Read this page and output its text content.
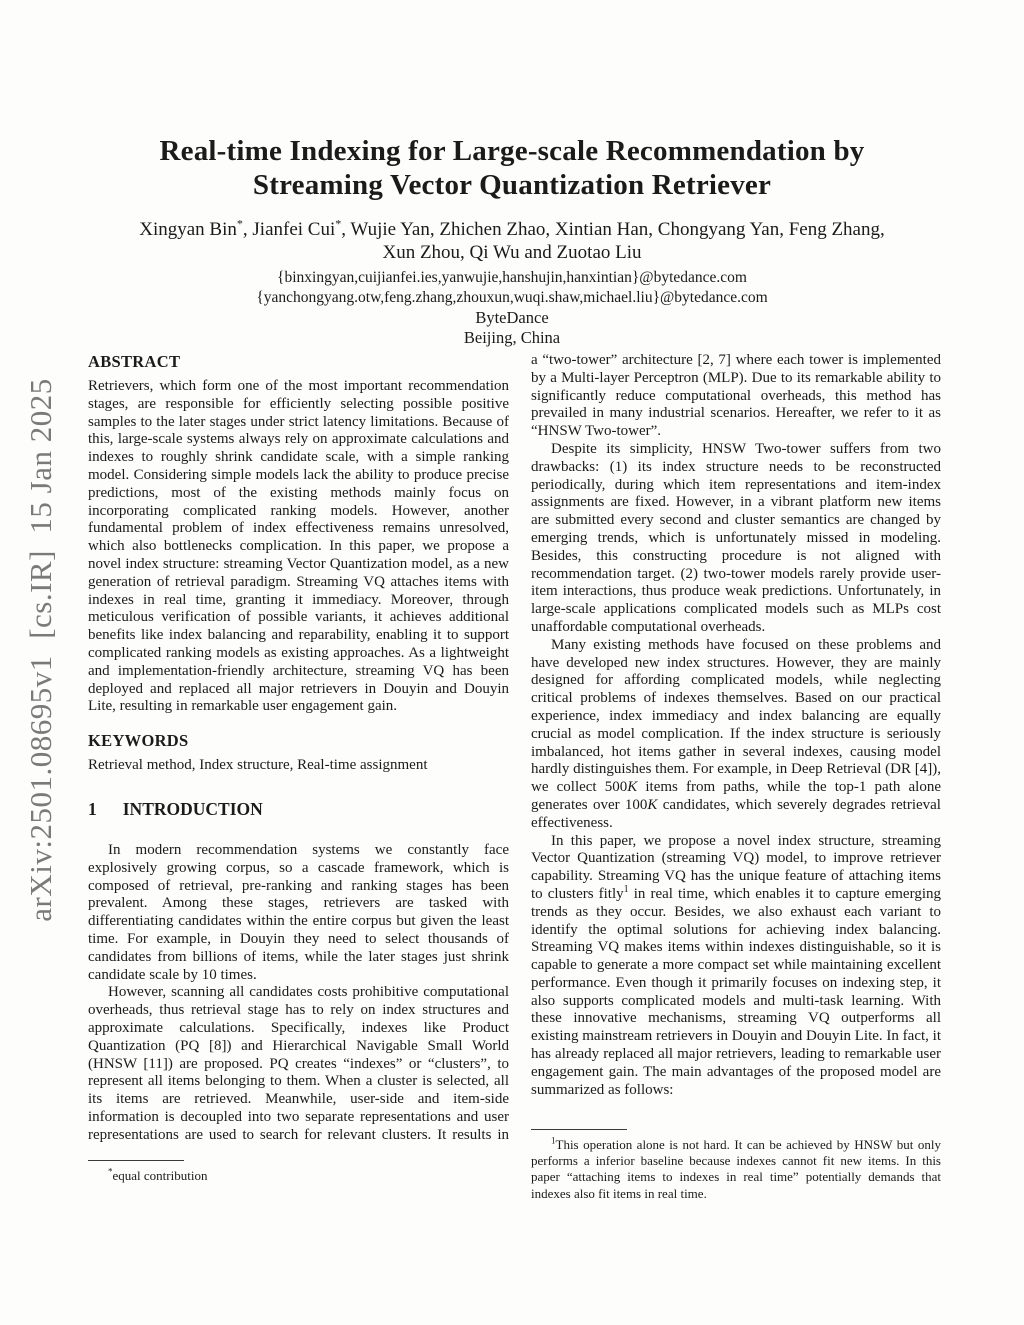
arXiv:2501.08695v1  [cs.IR]  15 Jan 2025
Real-time Indexing for Large-scale Recommendation by
Streaming Vector Quantization Retriever
Xingyan Bin*, Jianfei Cui*, Wujie Yan, Zhichen Zhao, Xintian Han, Chongyang Yan, Feng Zhang,
Xun Zhou, Qi Wu and Zuotao Liu
{binxingyan,cuijianfei.ies,yanwujie,hanshujin,hanxintian}@bytedance.com
{yanchongyang.otw,feng.zhang,zhouxun,wuqi.shaw,michael.liu}@bytedance.com
ByteDance
Beijing, China
ABSTRACT

Retrievers, which form one of the most important recommendation stages, are responsible for efficiently selecting possible positive samples to the later stages under strict latency limitations. Because of this, large-scale systems always rely on approximate calculations and indexes to roughly shrink candidate scale, with a simple ranking model. Considering simple models lack the ability to produce precise predictions, most of the existing methods mainly focus on incorporating complicated ranking models. However, another fundamental problem of index effectiveness remains unresolved, which also bottlenecks complication. In this paper, we propose a novel index structure: streaming Vector Quantization model, as a new generation of retrieval paradigm. Streaming VQ attaches items with indexes in real time, granting it immediacy. Moreover, through meticulous verification of possible variants, it achieves additional benefits like index balancing and reparability, enabling it to support complicated ranking models as existing approaches. As a lightweight and implementation-friendly architecture, streaming VQ has been deployed and replaced all major retrievers in Douyin and Douyin Lite, resulting in remarkable user engagement gain.

KEYWORDS

Retrieval method, Index structure, Real-time assignment

1 INTRODUCTION

In modern recommendation systems we constantly face explosively growing corpus, so a cascade framework, which is composed of retrieval, pre-ranking and ranking stages has been prevalent. Among these stages, retrievers are tasked with differentiating candidates within the entire corpus but given the least time. For example, in Douyin they need to select thousands of candidates from billions of items, while the later stages just shrink candidate scale by 10 times.

However, scanning all candidates costs prohibitive computational overheads, thus retrieval stage has to rely on index structures and approximate calculations. Specifically, indexes like Product Quantization (PQ [8]) and Hierarchical Navigable Small World (HNSW [11]) are proposed. PQ creates “indexes” or “clusters”, to represent all items belonging to them. When a cluster is selected, all its items are retrieved. Meanwhile, user-side and item-side information is decoupled into two separate representations and user representations are used to search for relevant clusters. It results in

a “two-tower” architecture [2, 7] where each tower is implemented by a Multi-layer Perceptron (MLP). Due to its remarkable ability to significantly reduce computational overheads, this method has prevailed in many industrial scenarios. Hereafter, we refer to it as “HNSW Two-tower”.

Despite its simplicity, HNSW Two-tower suffers from two drawbacks: (1) its index structure needs to be reconstructed periodically, during which item representations and item-index assignments are fixed. However, in a vibrant platform new items are submitted every second and cluster semantics are changed by emerging trends, which is unfortunately missed in modeling. Besides, this constructing procedure is not aligned with recommendation target. (2) two-tower models rarely provide user-item interactions, thus produce weak predictions. Unfortunately, in large-scale applications complicated models such as MLPs cost unaffordable computational overheads.

Many existing methods have focused on these problems and have developed new index structures. However, they are mainly designed for affording complicated models, while neglecting critical problems of indexes themselves. Based on our practical experience, index immediacy and index balancing are equally crucial as model complication. If the index structure is seriously imbalanced, hot items gather in several indexes, causing model hardly distinguishes them. For example, in Deep Retrieval (DR [4]), we collect 500K items from paths, while the top-1 path alone generates over 100K candidates, which severely degrades retrieval effectiveness.

In this paper, we propose a novel index structure, streaming Vector Quantization (streaming VQ) model, to improve retriever capability. Streaming VQ has the unique feature of attaching items to clusters fitly$^1$ in real time, which enables it to capture emerging trends as they occur. Besides, we also exhaust each variant to identify the optimal solutions for achieving index balancing. Streaming VQ makes items within indexes distinguishable, so it is capable to generate a more compact set while maintaining excellent performance. Even though it primarily focuses on indexing step, it also supports complicated models and multi-task learning. With these innovative mechanisms, streaming VQ outperforms all existing mainstream retrievers in Douyin and Douyin Lite. In fact, it has already replaced all major retrievers, leading to remarkable user engagement gain. The main advantages of the proposed model are summarized as follows:

*equal contribution
$^1$This operation alone is not hard. It can be achieved by HNSW but only performs a inferior baseline because indexes cannot fit new items. In this paper “attaching items to indexes in real time” potentially demands that indexes also fit items in real time.
